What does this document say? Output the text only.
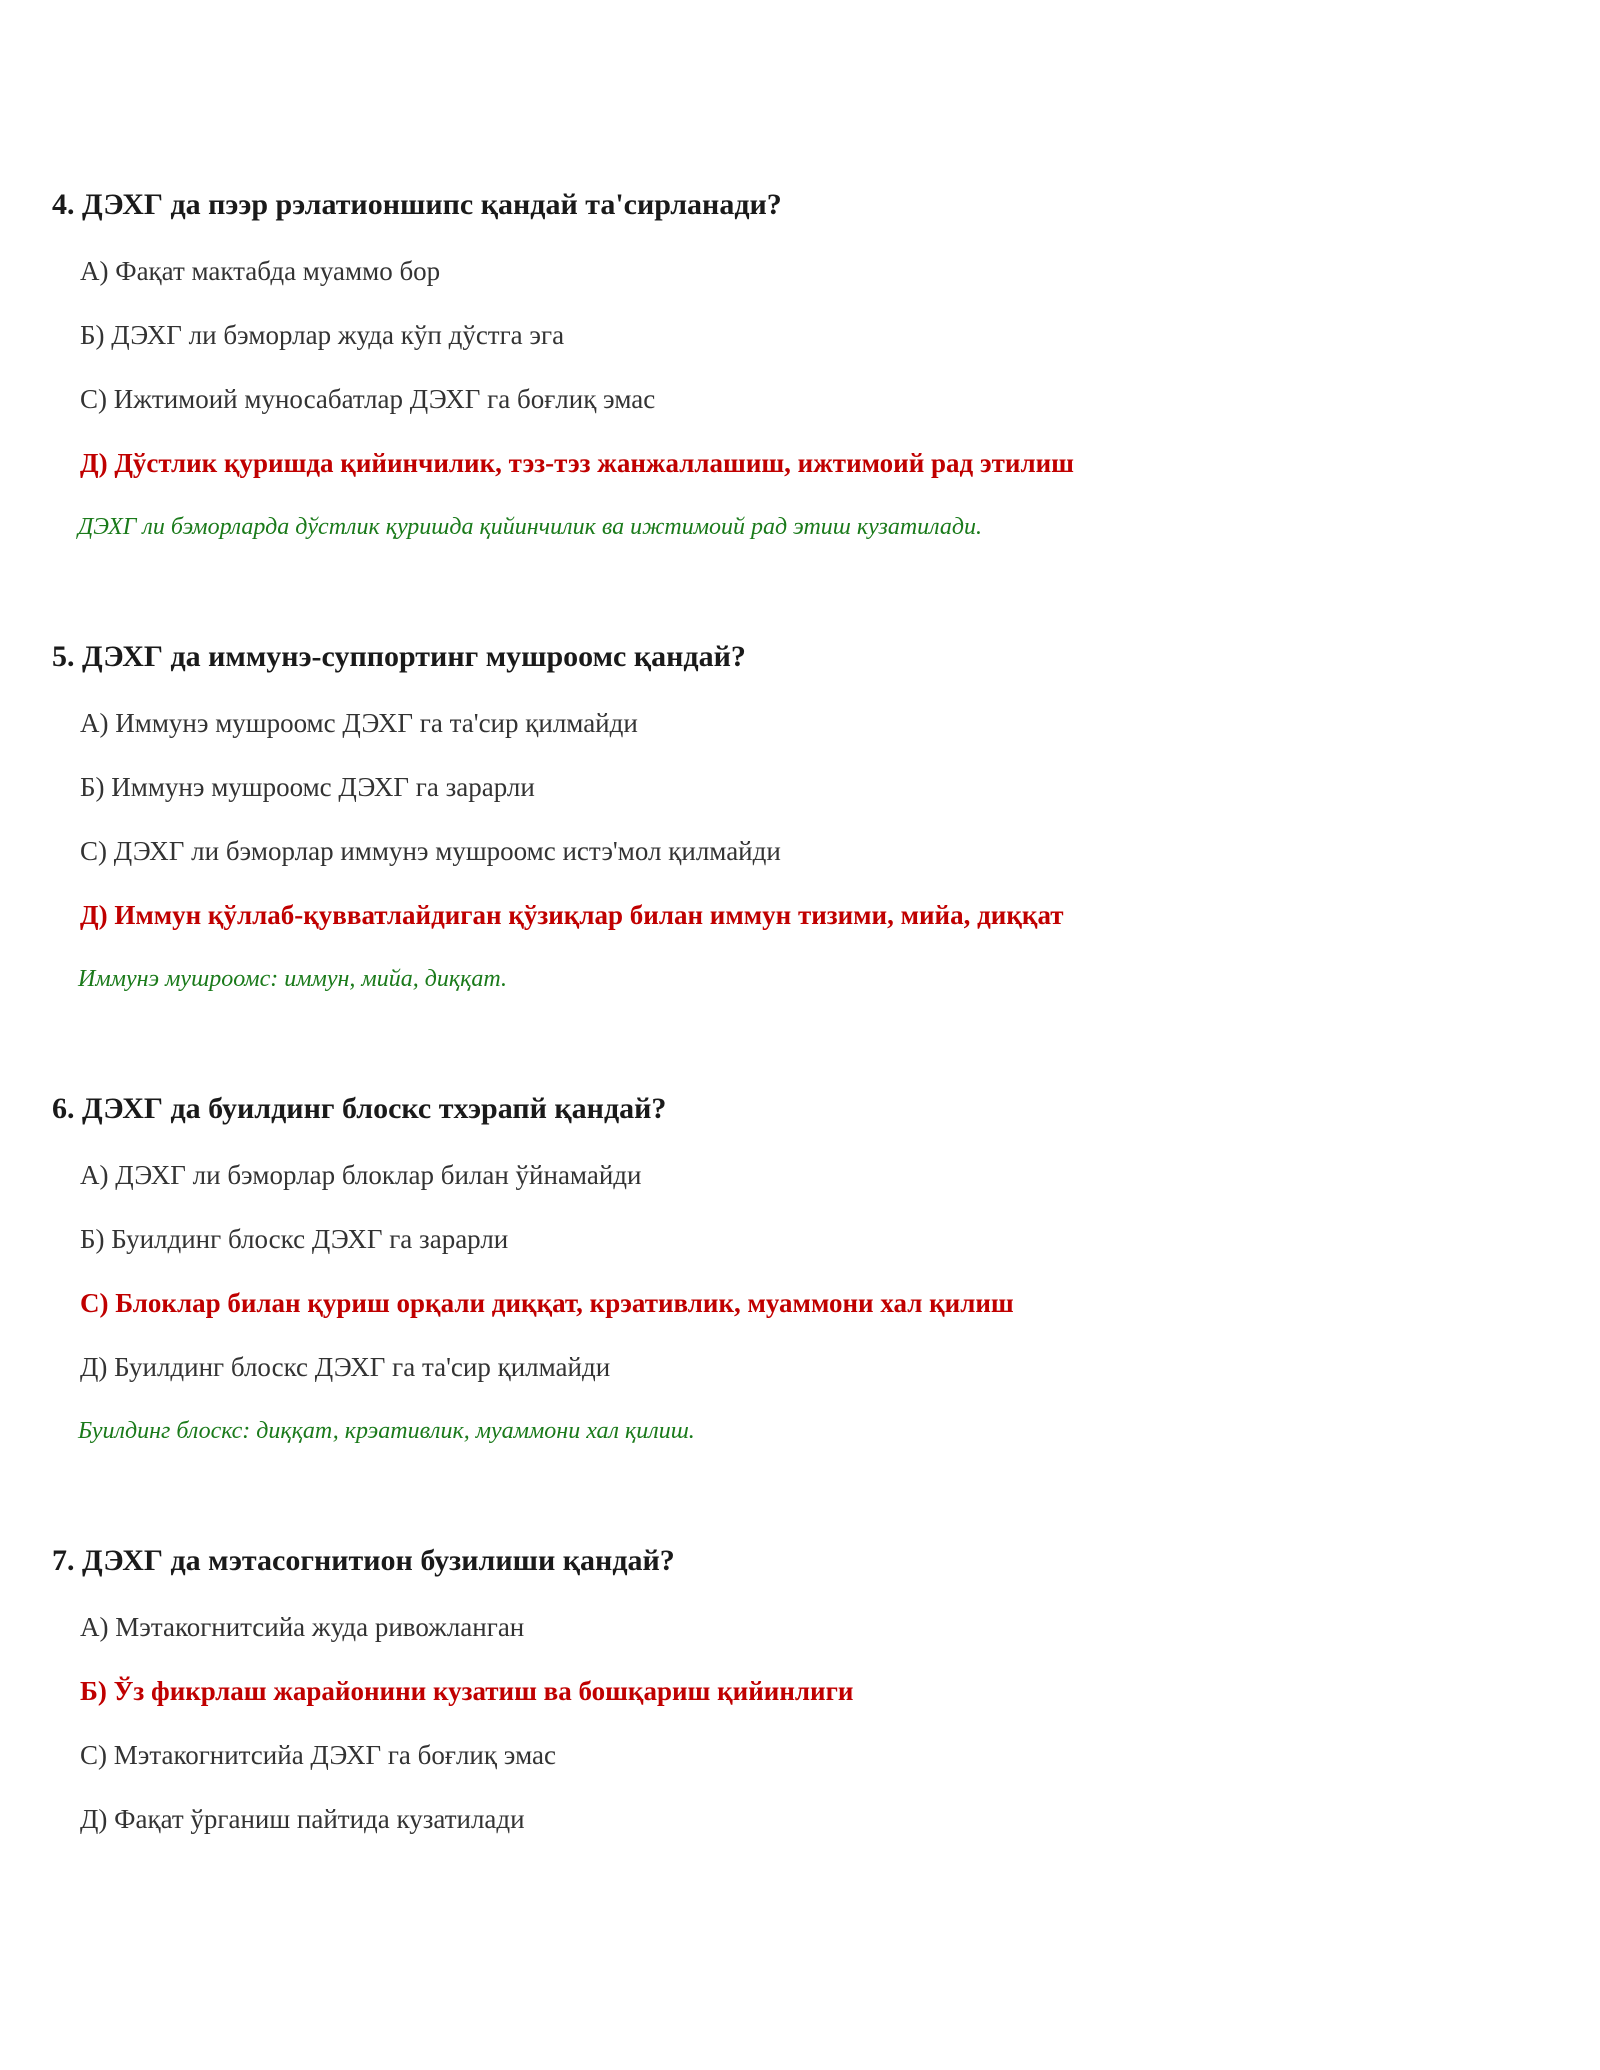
4. ДЭХГ да пээр рэлатионшипс қандай та'сирланади?

А) Фақат мактабда муаммо бор

Б) ДЭХГ ли бэморлар жуда кўп дўстга эга

С) Ижтимоий муносабатлар ДЭХГ га боғлиқ эмас

Д) Дўстлик қуришда қийинчилик, тэз-тэз жанжаллашиш, ижтимоий рад этилиш

ДЭХГ ли бэморларда дўстлик қуришда қийинчилик ва ижтимоий рад этиш кузатилади.

5. ДЭХГ да иммунэ-суппортинг мушроомс қандай?

А) Иммунэ мушроомс ДЭХГ га та'сир қилмайди

Б) Иммунэ мушроомс ДЭХГ га зарарли

С) ДЭХГ ли бэморлар иммунэ мушроомс истэ'мол қилмайди

Д) Иммун қўллаб-қувватлайдиган қўзиқлар билан иммун тизими, мийа, диққат

Иммунэ мушроомс: иммун, мийа, диққат.

6. ДЭХГ да буилдинг блоскс тхэрапй қандай?

А) ДЭХГ ли бэморлар блоклар билан ўйнамайди

Б) Буилдинг блоскс ДЭХГ га зарарли

С) Блоклар билан қуриш орқали диққат, крэативлик, муаммони хал қилиш

Д) Буилдинг блоскс ДЭХГ га та'сир қилмайди

Буилдинг блоскс: диққат, крэативлик, муаммони хал қилиш.

7. ДЭХГ да мэтасогнитион бузилиши қандай?

А) Мэтакогнитсийа жуда ривожланган

Б) Ўз фикрлаш жарайонини кузатиш ва бошқариш қийинлиги

С) Мэтакогнитсийа ДЭХГ га боғлиқ эмас

Д) Фақат ўрганиш пайтида кузатилади
